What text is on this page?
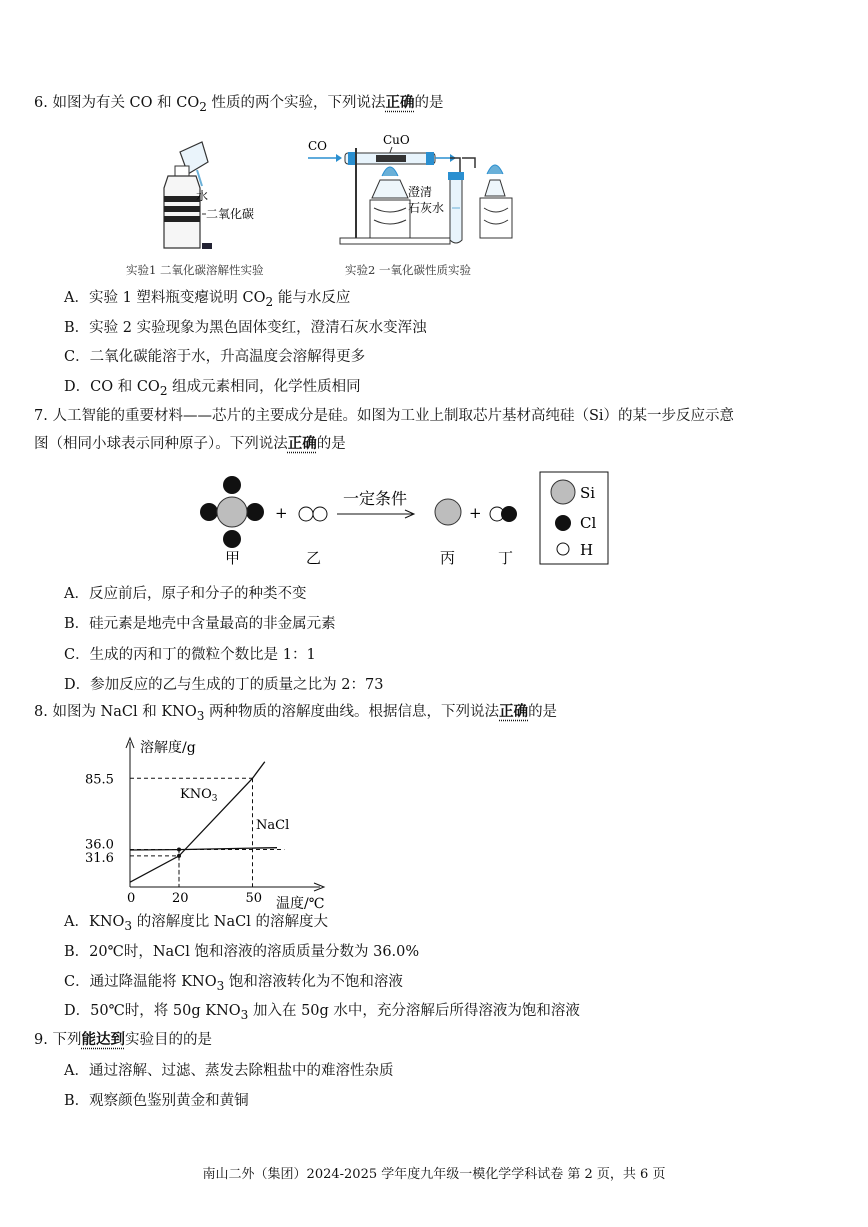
6. 如图为有关 CO 和 $CO_2$ 性质的两个实验，下列说法正确的是
水
二氧化碳
实验1 二氧化碳溶解性实验
CO	CuO
澄清
石灰水
实验2 一氧化碳性质实验
A．实验 1 塑料瓶变瘪说明 $CO_2$ 能与水反应
B．实验 2 实验现象为黑色固体变红，澄清石灰水变浑浊
C．二氧化碳能溶于水，升高温度会溶解得更多
D．CO 和 $CO_2$ 组成元素相同，化学性质相同
7. 人工智能的重要材料——芯片的主要成分是硅。如图为工业上制取芯片基材高纯硅（Si）的某一步反应示意
图（相同小球表示同种原子）。下列说法正确的是
甲
+
乙
一定条件
丙
+
丁
Si
Cl
H
A．反应前后，原子和分子的种类不变
B．硅元素是地壳中含量最高的非金属元素
C．生成的丙和丁的微粒个数比是 1：1
D．参加反应的乙与生成的丁的质量之比为 2：73
8. 如图为 NaCl 和 $KNO_3$ 两种物质的溶解度曲线。根据信息，下列说法正确的是
溶解度/g
温度/℃
0	20	50
31.6
36.0
85.5
$KNO_3$
NaCl
A．$KNO_3$ 的溶解度比 NaCl 的溶解度大
B．20℃时，NaCl 饱和溶液的溶质质量分数为 36.0%
C．通过降温能将 $KNO_3$ 饱和溶液转化为不饱和溶液
D．50℃时，将 50g $KNO_3$ 加入在 50g 水中，充分溶解后所得溶液为饱和溶液
9. 下列能达到实验目的的是
A．通过溶解、过滤、蒸发去除粗盐中的难溶性杂质
B．观察颜色鉴别黄金和黄铜
南山二外（集团）2024-2025 学年度九年级一模化学学科试卷 第 2 页，共 6 页
